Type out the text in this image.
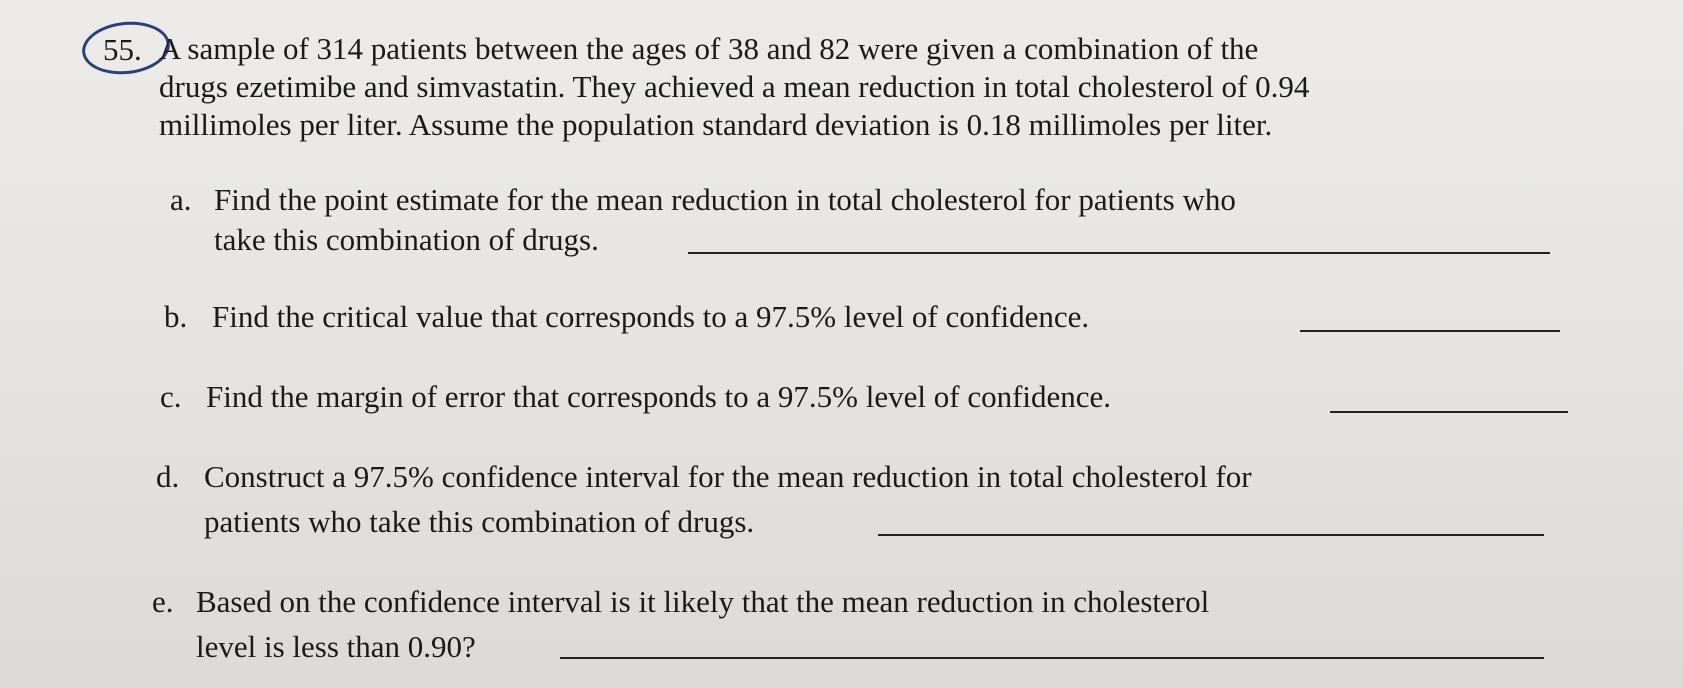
55. A sample of 314 patients between the ages of 38 and 82 were given a combination of the
drugs ezetimibe and simvastatin. They achieved a mean reduction in total cholesterol of 0.94
millimoles per liter. Assume the population standard deviation is 0.18 millimoles per liter.
a. Find the point estimate for the mean reduction in total cholesterol for patients who
take this combination of drugs.
b. Find the critical value that corresponds to a 97.5% level of confidence.
c. Find the margin of error that corresponds to a 97.5% level of confidence.
d. Construct a 97.5% confidence interval for the mean reduction in total cholesterol for
patients who take this combination of drugs.
e. Based on the confidence interval is it likely that the mean reduction in cholesterol
level is less than 0.90?
